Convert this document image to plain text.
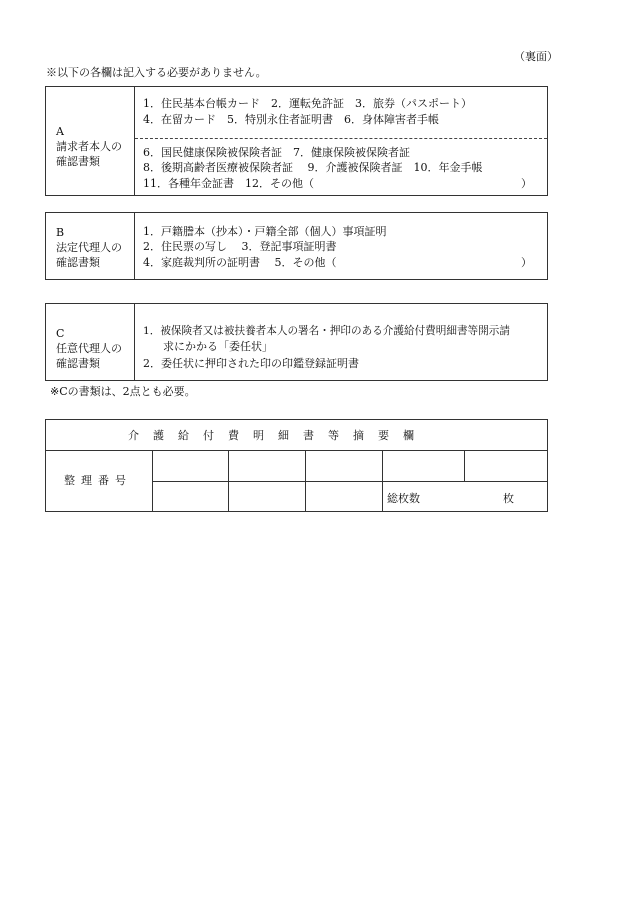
（裏面）
※以下の各欄は記入する必要がありません。
A
請求者本人の
確認書類
1．住民基本台帳カード　2．運転免許証　3．旅券（パスポート）
4．在留カード　5．特別永住者証明書　6．身体障害者手帳
6．国民健康保険被保険者証　7．健康保険被保険者証
8．後期高齢者医療被保険者証　 9．介護被保険者証　10．年金手帳
11．各種年金証書　12．その他（	）
B
法定代理人の
確認書類
1．戸籍謄本（抄本）・戸籍全部（個人）事項証明
2．住民票の写し　 3．登記事項証明書
4．家庭裁判所の証明書　 5．その他（	）
C
任意代理人の
確認書類
1．被保険者又は被扶養者本人の署名・押印のある介護給付費明細書等開示請
求にかかる「委任状」
2．委任状に押印された印の印鑑登録証明書
※Cの書類は、2点とも必要。
介護給付費明細書等摘要欄
整理番号
総枚数	枚
